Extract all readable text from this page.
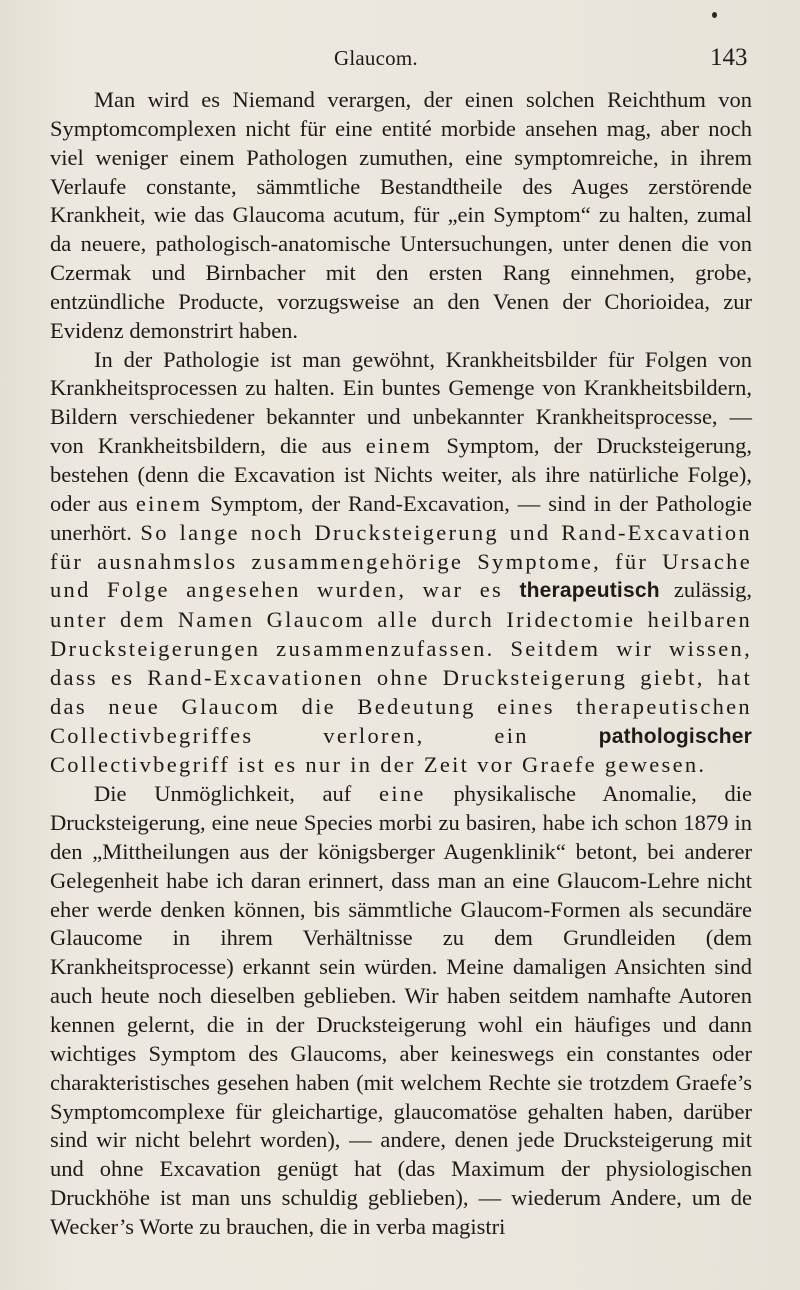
Glaucom.	143

Man wird es Niemand verargen, der einen solchen Reichthum von Symptomcomplexen nicht für eine entité morbide ansehen mag, aber noch viel weniger einem Pathologen zumuthen, eine symptomreiche, in ihrem Verlaufe constante, sämmtliche Bestandtheile des Auges zerstörende Krankheit, wie das Glaucoma acutum, für „ein Symptom“ zu halten, zumal da neuere, pathologisch-anatomische Untersuchungen, unter denen die von Czermak und Birnbacher mit den ersten Rang einnehmen, grobe, entzündliche Producte, vorzugsweise an den Venen der Chorioidea, zur Evidenz demonstrirt haben.

In der Pathologie ist man gewöhnt, Krankheitsbilder für Folgen von Krankheitsprocessen zu halten. Ein buntes Gemenge von Krankheitsbildern, Bildern verschiedener bekannter und unbekannter Krankheitsprocesse, — von Krankheitsbildern, die aus einem Symptom, der Drucksteigerung, bestehen (denn die Excavation ist Nichts weiter, als ihre natürliche Folge), oder aus einem Symptom, der Rand-Excavation, — sind in der Pathologie unerhört. So lange noch Drucksteigerung und Rand-Excavation für ausnahmslos zusammengehörige Symptome, für Ursache und Folge angesehen wurden, war es therapeutisch zulässig, unter dem Namen Glaucom alle durch Iridectomie heilbaren Drucksteigerungen zusammenzufassen. Seitdem wir wissen, dass es Rand-Excavationen ohne Drucksteigerung giebt, hat das neue Glaucom die Bedeutung eines therapeutischen Collectivbegriffes verloren, ein pathologischer Collectivbegriff ist es nur in der Zeit vor Graefe gewesen.

Die Unmöglichkeit, auf eine physikalische Anomalie, die Drucksteigerung, eine neue Species morbi zu basiren, habe ich schon 1879 in den „Mittheilungen aus der königsberger Augenklinik“ betont, bei anderer Gelegenheit habe ich daran erinnert, dass man an eine Glaucom-Lehre nicht eher werde denken können, bis sämmtliche Glaucom-Formen als secundäre Glaucome in ihrem Verhältnisse zu dem Grundleiden (dem Krankheitsprocesse) erkannt sein würden. Meine damaligen Ansichten sind auch heute noch dieselben geblieben. Wir haben seitdem namhafte Autoren kennen gelernt, die in der Drucksteigerung wohl ein häufiges und dann wichtiges Symptom des Glaucoms, aber keineswegs ein constantes oder charakteristisches gesehen haben (mit welchem Rechte sie trotzdem Graefe’s Symptomcomplexe für gleichartige, glaucomatöse gehalten haben, darüber sind wir nicht belehrt worden), — andere, denen jede Drucksteigerung mit und ohne Excavation genügt hat (das Maximum der physiologischen Druckhöhe ist man uns schuldig geblieben), — wiederum Andere, um de Wecker’s Worte zu brauchen, die in verba magistri
